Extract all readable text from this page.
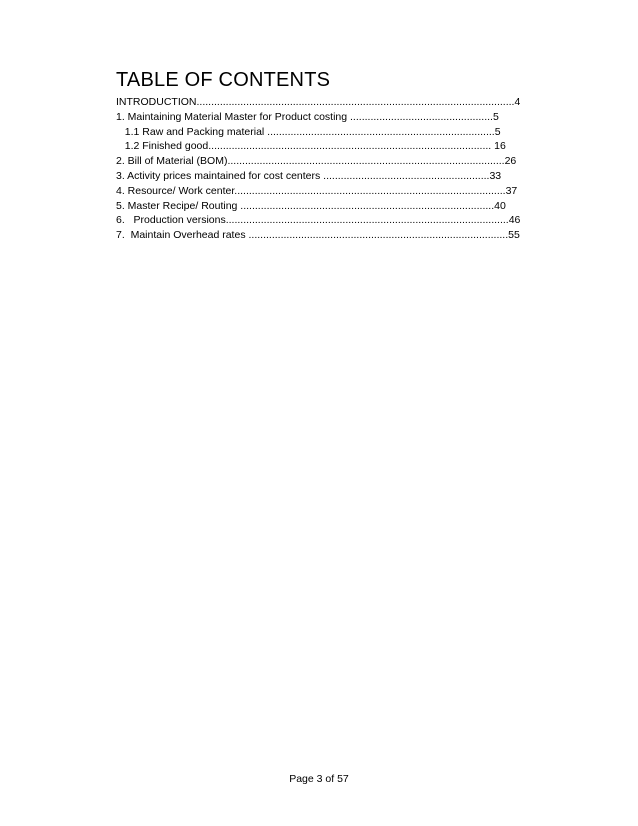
TABLE OF CONTENTS
INTRODUCTION.............................................................................................................4
1. Maintaining Material Master for Product costing .................................................5
1.1 Raw and Packing material ..............................................................................5
1.2 Finished good................................................................................................. 16
2. Bill of Material (BOM)...............................................................................................26
3. Activity prices maintained for cost centers .........................................................33
4. Resource/ Work center.............................................................................................37
5. Master Recipe/ Routing .......................................................................................40
6.   Production versions.................................................................................................46
7.  Maintain Overhead rates .........................................................................................55
Page 3 of 57
